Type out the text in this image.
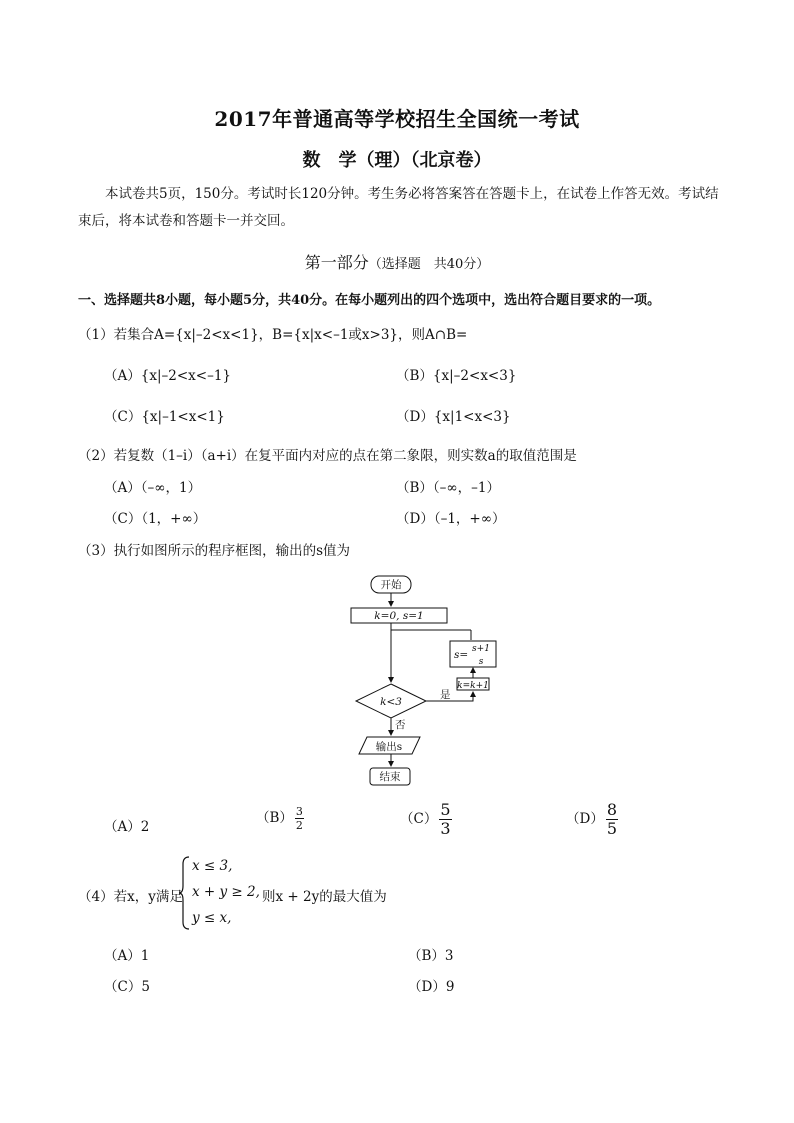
2017年普通高等学校招生全国统一考试
数　学（理）（北京卷）
本试卷共5页，150分。考试时长120分钟。考生务必将答案答在答题卡上，在试卷上作答无效。考试结束后，将本试卷和答题卡一并交回。
第一部分（选择题　共40分）
一、选择题共8小题，每小题5分，共40分。在每小题列出的四个选项中，选出符合题目要求的一项。
（1）若集合A={x|–2<x<1}，B={x|x<–1或x>3}，则A∩B=
（A）{x|–2<x<–1}	（B）{x|–2<x<3}
（C）{x|–1<x<1}	（D）{x|1<x<3}
（2）若复数（1–i）（a+i）在复平面内对应的点在第二象限，则实数a的取值范围是
（A）（–∞，1）	（B）（–∞，–1）
（C）（1，+∞）	（D）（–1，+∞）
（3）执行如图所示的程序框图，输出的s值为
开始
k=0, s=1
s= s+1
s
k=k+1
k<3
是
否
输出s
结束
（A）2
$(B) \frac{3}{2}$	$(C) \frac{5}{3}$	$(D) \frac{8}{5}$
（4）若x，y满足
x ≤ 3,
x + y ≥ 2,
y ≤ x,
则x + 2y的最大值为
（A）1	（B）3
（C）5	（D）9
